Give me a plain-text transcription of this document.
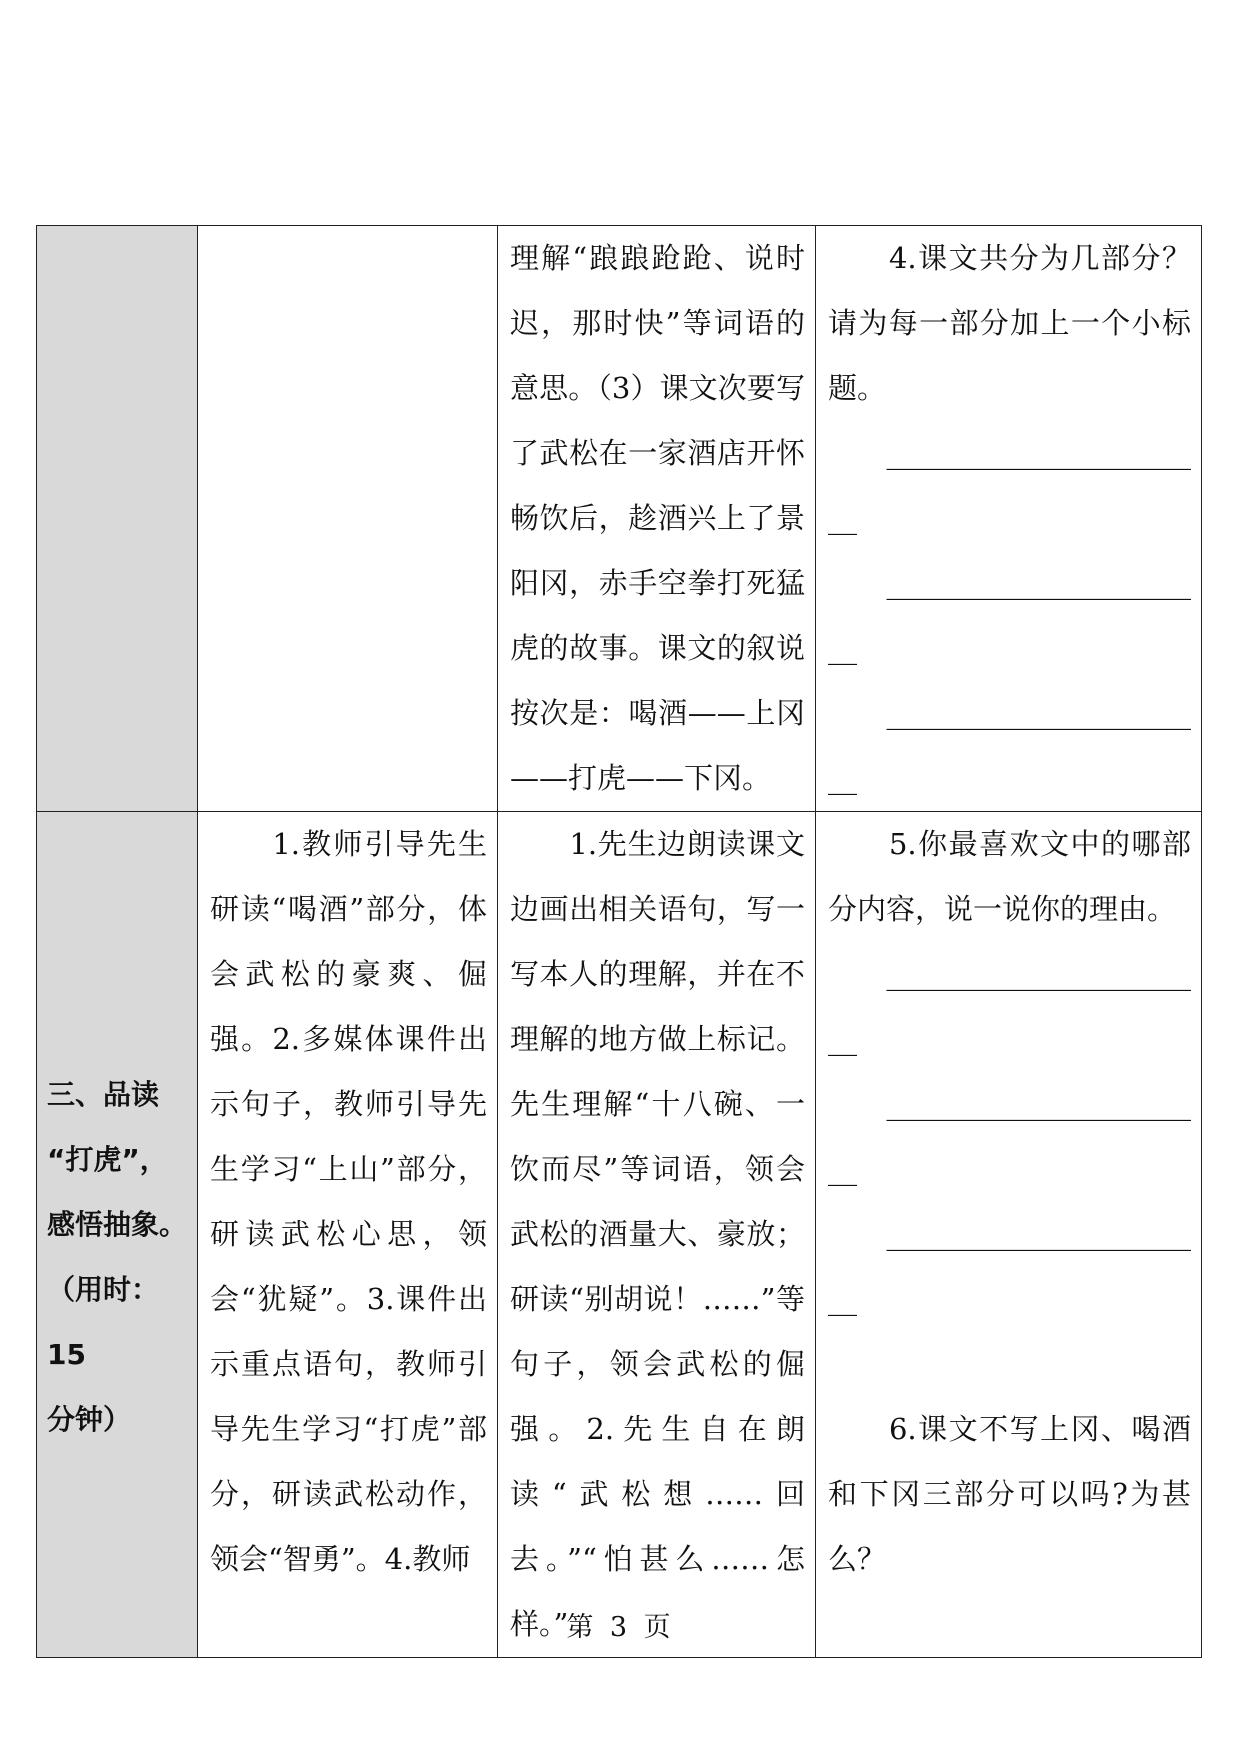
		理解“踉踉跄跄、说时迟，那时快”等词语的意思。（3）课文次要写了武松在一家酒店开怀畅饮后，趁酒兴上了景阳冈，赤手空拳打死猛虎的故事。课文的叙说按次是：喝酒——上冈——打虎——下冈。	　　4.课文共分为几部分？请为每一部分加上一个小标题。
　　_______________________
　　_______________________
　　_______________________

三、品读
“打虎”，
感悟抽象。
（用时：15
分钟）	　　1.教师引导先生研读“喝酒”部分，体会武松的豪爽、倔强。2.多媒体课件出示句子，教师引导先生学习“上山”部分，研读武松心思，领会“犹疑”。3.课件出示重点语句，教师引导先生学习“打虎”部分，研读武松动作，领会“智勇”。4.教师	　　1.先生边朗读课文边画出相关语句，写一写本人的理解，并在不理解的地方做上标记。先生理解“十八碗、一饮而尽”等词语，领会武松的酒量大、豪放；研读“别胡说！……”等句子，领会武松的倔强。2.先生自在朗读“武松想……回去。”“怕甚么……怎样。”	　　5.你最喜欢文中的哪部分内容，说一说你的理由。
　　_______________________
　　_______________________
　　_______________________

　　6.课文不写上冈、喝酒和下冈三部分可以吗?为甚么？
第 3 页
